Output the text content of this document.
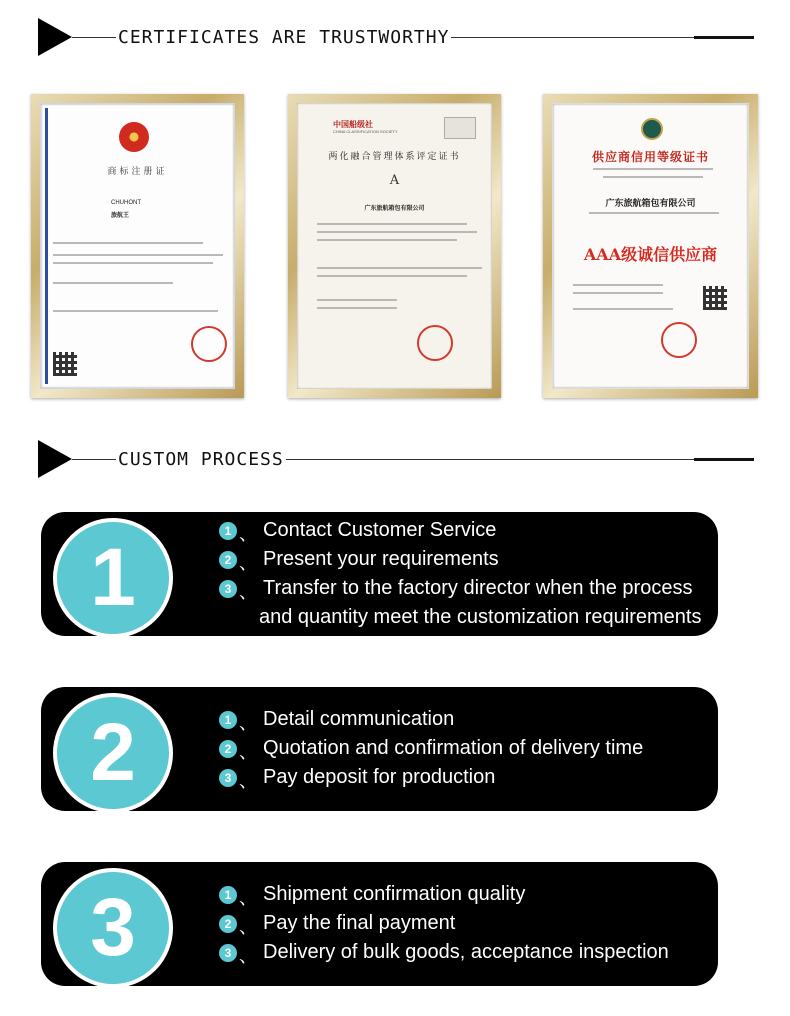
CERTIFICATES ARE TRUSTWORTHY
商标注册证
CHUHONT
旅航王
中国船级社
CHINA CLASSIFICATION SOCIETY
两化融合管理体系评定证书
A
广东旅航箱包有限公司
供应商信用等级证书
广东旅航箱包有限公司
AAA级诚信供应商
CUSTOM PROCESS
1
1 、 Contact Customer Service
2 、 Present your requirements
3 、 Transfer to the factory director when the process
and quantity meet the customization requirements
2	1 、 Detail communication
2 、 Quotation and confirmation of delivery time
3 、 Pay deposit for production
3	1 、 Shipment confirmation quality
2 、 Pay the final payment
3 、 Delivery of bulk goods, acceptance inspection
